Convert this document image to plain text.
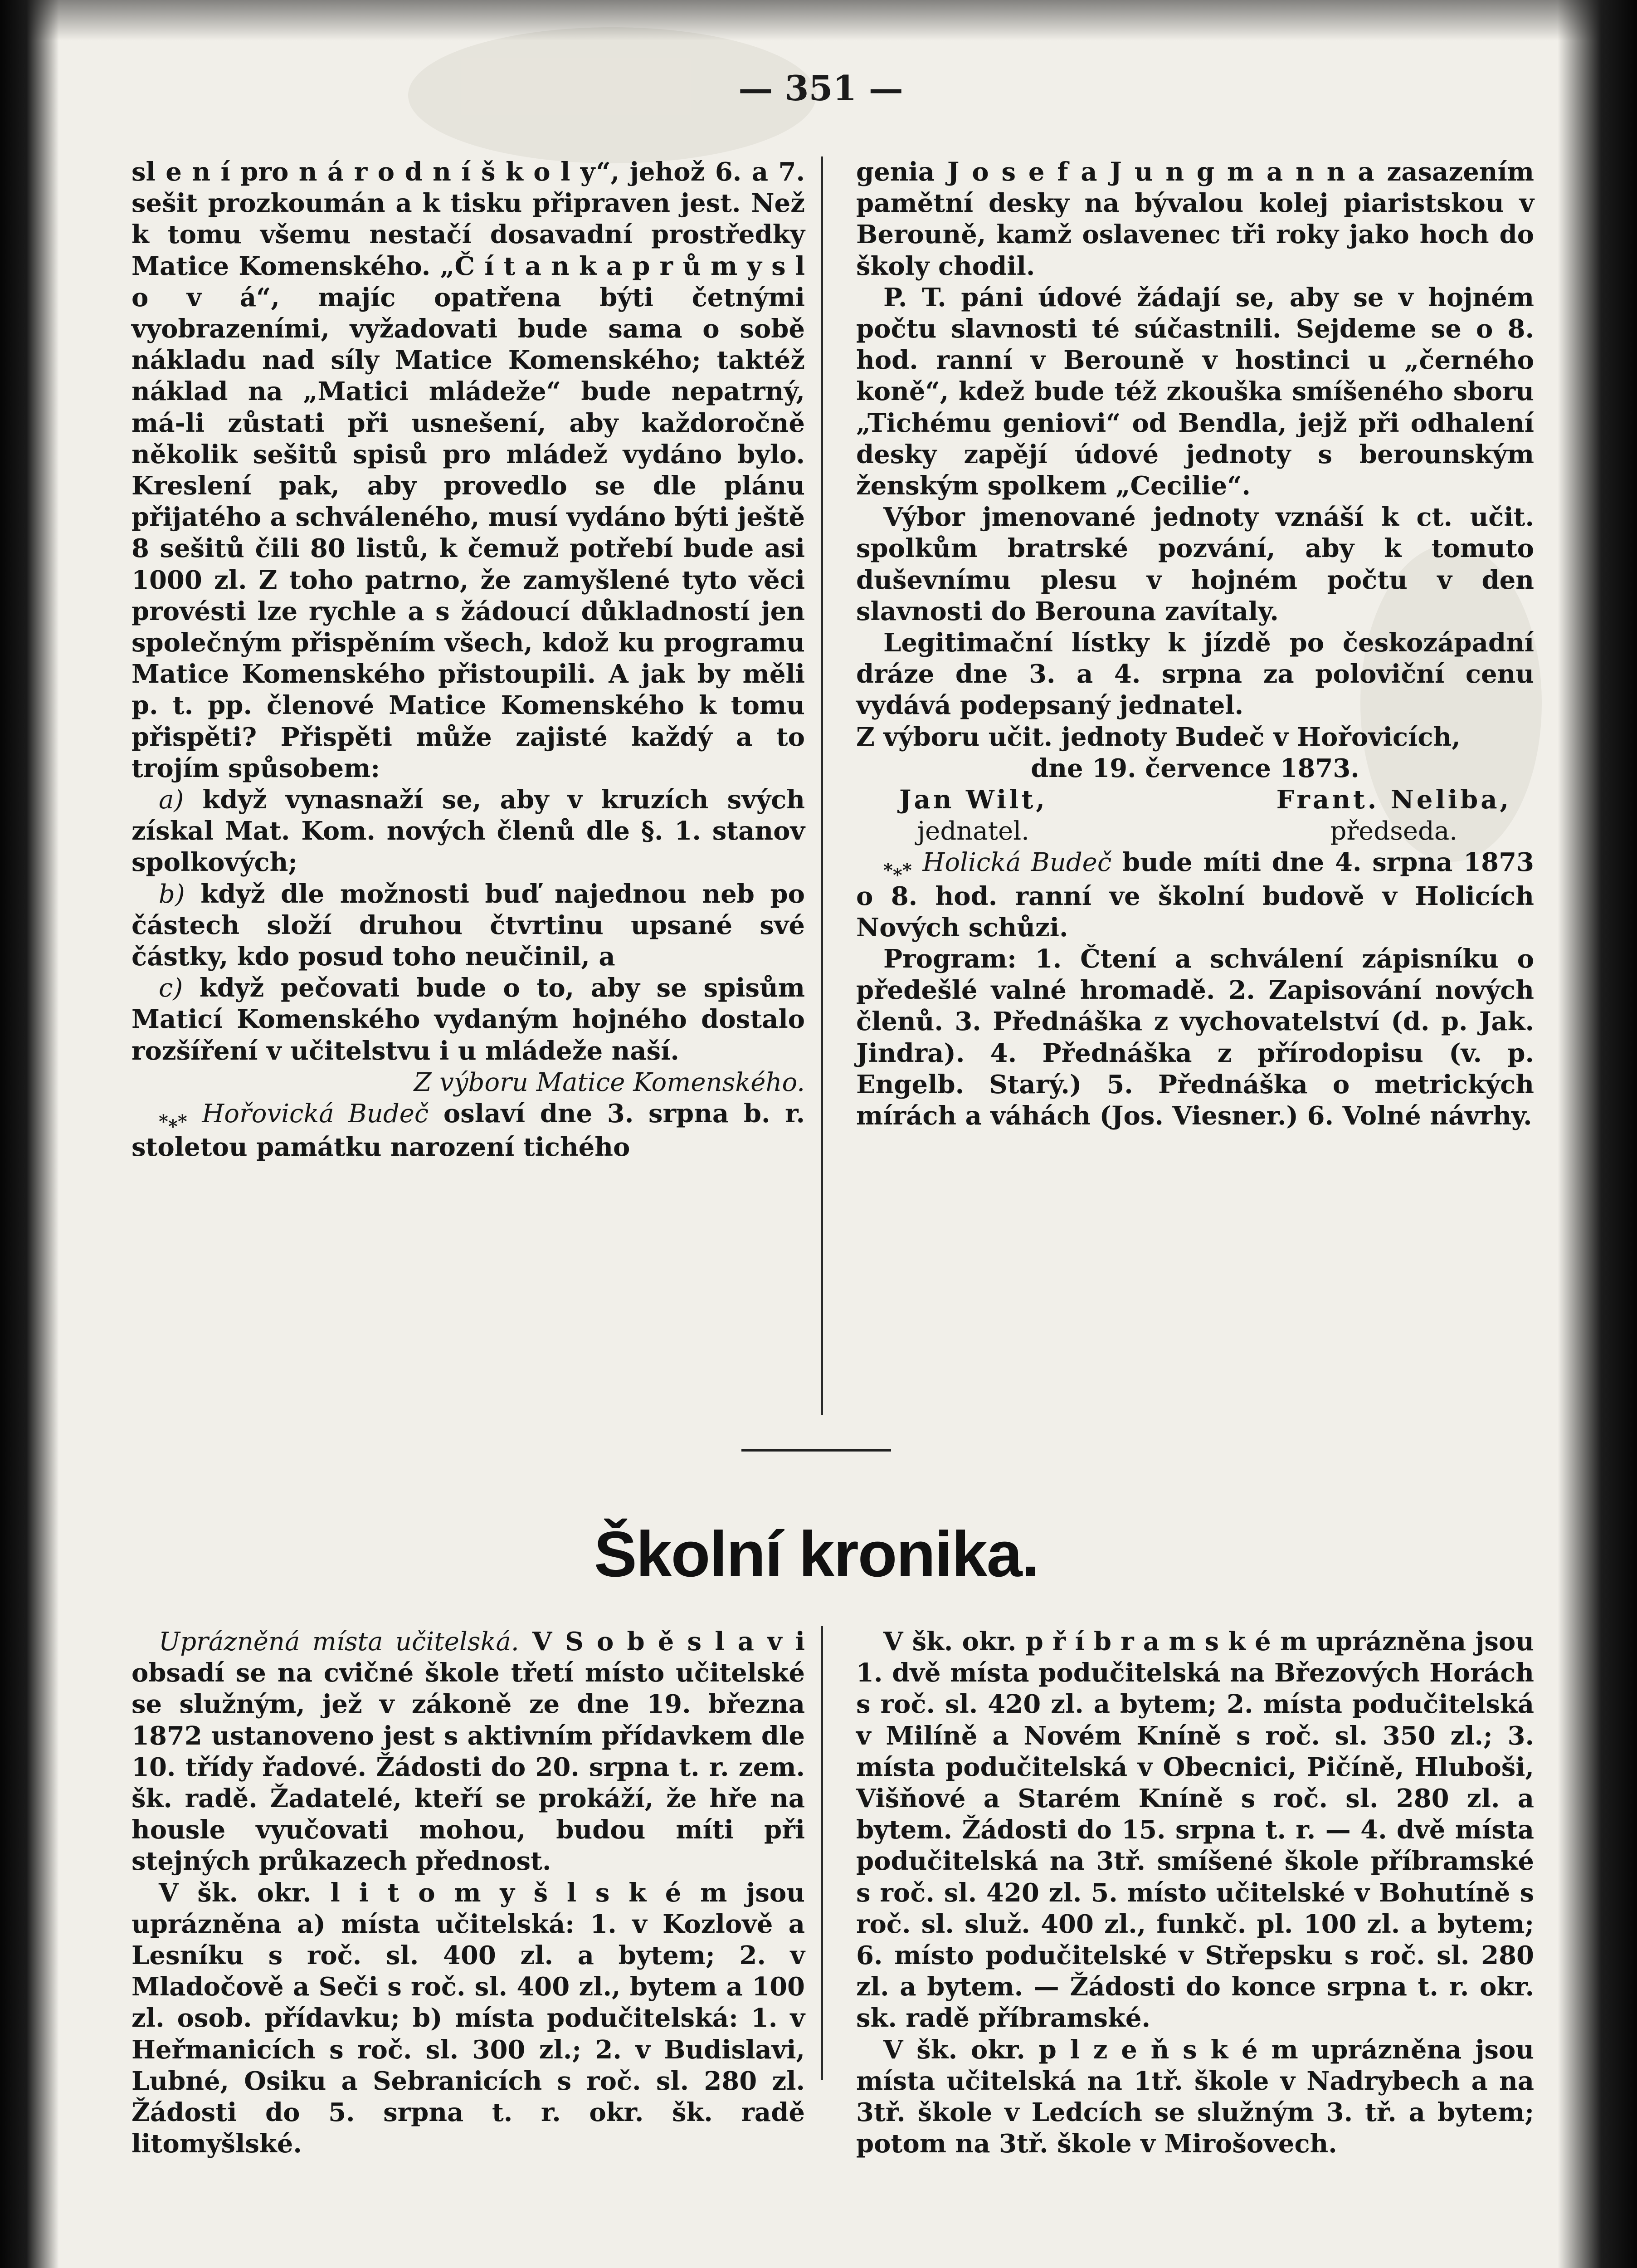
— 351 —

sl e n í pro n á r o d n í š k o l y“, jehož 6. a 7. sešit prozkoumán a k tisku připraven jest. Než k tomu všemu nestačí dosavadní prostředky Matice Komenského. „Č í t a n k a p r ů m y s l o v á“, majíc opatřena býti četnými vyobrazeními, vyžadovati bude sama o sobě nákladu nad síly Matice Komenského; taktéž náklad na „Matici mládeže“ bude nepatrný, má-li zůstati při usnešení, aby každoročně několik sešitů spisů pro mládež vydáno bylo. Kreslení pak, aby provedlo se dle plánu přijatého a schváleného, musí vydáno býti ještě 8 sešitů čili 80 listů, k čemuž potřebí bude asi 1000 zl. Z toho patrno, že zamyšlené tyto věci provésti lze rychle a s žádoucí důkladností jen společným přispěním všech, kdož ku programu Matice Komenského přistoupili. A jak by měli p. t. pp. členové Matice Komenského k tomu přispěti? Přispěti může zajisté každý a to trojím spůsobem:

a) když vynasnaží se, aby v kruzích svých získal Mat. Kom. nových členů dle §. 1. stanov spolkových;

b) když dle možnosti buď najednou neb po částech složí druhou čtvrtinu upsané své částky, kdo posud toho neučinil, a

c) když pečovati bude o to, aby se spisům Maticí Komenského vydaným hojného dostalo rozšíření v učitelstvu i u mládeže naší.

Z výboru Matice Komenského.

$_{*⁎*}$ Hořovická Budeč oslaví dne 3. srpna b. r. stoletou památku narození tichého

genia J o s e f a J u n g m a n n a zasazením pamětní desky na bývalou kolej piaristskou v Berouně, kamž oslavenec tři roky jako hoch do školy chodil.

P. T. páni údové žádají se, aby se v hojném počtu slavnosti té súčastnili. Sejdeme se o 8. hod. ranní v Berouně v hostinci u „černého koně“, kdež bude též zkouška smíšeného sboru „Tichému geniovi“ od Bendla, jejž při odhalení desky zapějí údové jednoty s berounským ženským spolkem „Cecilie“.

Výbor jmenované jednoty vznáší k ct. učit. spolkům bratrské pozvání, aby k tomuto duševnímu plesu v hojném počtu v den slavnosti do Berouna zavítaly.

Legitimační lístky k jízdě po českozápadní dráze dne 3. a 4. srpna za poloviční cenu vydává podepsaný jednatel.

Z výboru učit. jednoty Budeč v Hořovicích,

dne 19. července 1873.

Jan Wilt,
jednatel.
Frant. Neliba,
předseda.

$_{*⁎*}$ Holická Budeč bude míti dne 4. srpna 1873 o 8. hod. ranní ve školní budově v Holicích Nových schůzi.

Program: 1. Čtení a schválení zápisníku o předešlé valné hromadě. 2. Zapisování nových členů. 3. Přednáška z vychovatelství (d. p. Jak. Jindra). 4. Přednáška z přírodopisu (v. p. Engelb. Starý.) 5. Přednáška o metrických mírách a váhách (Jos. Viesner.) 6. Volné návrhy.

Školní kronika.

Uprázněná místa učitelská. V S o b ě s l a v i obsadí se na cvičné škole třetí místo učitelské se služným, jež v zákoně ze dne 19. března 1872 ustanoveno jest s aktivním přídavkem dle 10. třídy řadové. Žádosti do 20. srpna t. r. zem. šk. radě. Žadatelé, kteří se prokáží, že hře na housle vyučovati mohou, budou míti při stejných průkazech přednost.

V šk. okr. l i t o m y š l s k é m jsou uprázněna a) místa učitelská: 1. v Kozlově a Lesníku s roč. sl. 400 zl. a bytem; 2. v Mladočově a Seči s roč. sl. 400 zl., bytem a 100 zl. osob. přídavku; b) místa podučitelská: 1. v Heřmanicích s roč. sl. 300 zl.; 2. v Budislavi, Lubné, Osiku a Sebranicích s roč. sl. 280 zl. Žádosti do 5. srpna t. r. okr. šk. radě litomyšlské.

V šk. okr. p ř í b r a m s k é m uprázněna jsou 1. dvě místa podučitelská na Březových Horách s roč. sl. 420 zl. a bytem; 2. místa podučitelská v Milíně a Novém Kníně s roč. sl. 350 zl.; 3. místa podučitelská v Obecnici, Pičíně, Hluboši, Višňové a Starém Kníně s roč. sl. 280 zl. a bytem. Žádosti do 15. srpna t. r. — 4. dvě místa podučitelská na 3tř. smíšené škole příbramské s roč. sl. 420 zl. 5. místo učitelské v Bohutíně s roč. sl. služ. 400 zl., funkč. pl. 100 zl. a bytem; 6. místo podučitelské v Střepsku s roč. sl. 280 zl. a bytem. — Žádosti do konce srpna t. r. okr. sk. radě příbramské.

V šk. okr. p l z e ň s k é m uprázněna jsou místa učitelská na 1tř. škole v Nadrybech a na 3tř. škole v Ledcích se služným 3. tř. a bytem; potom na 3tř. škole v Mirošovech.
